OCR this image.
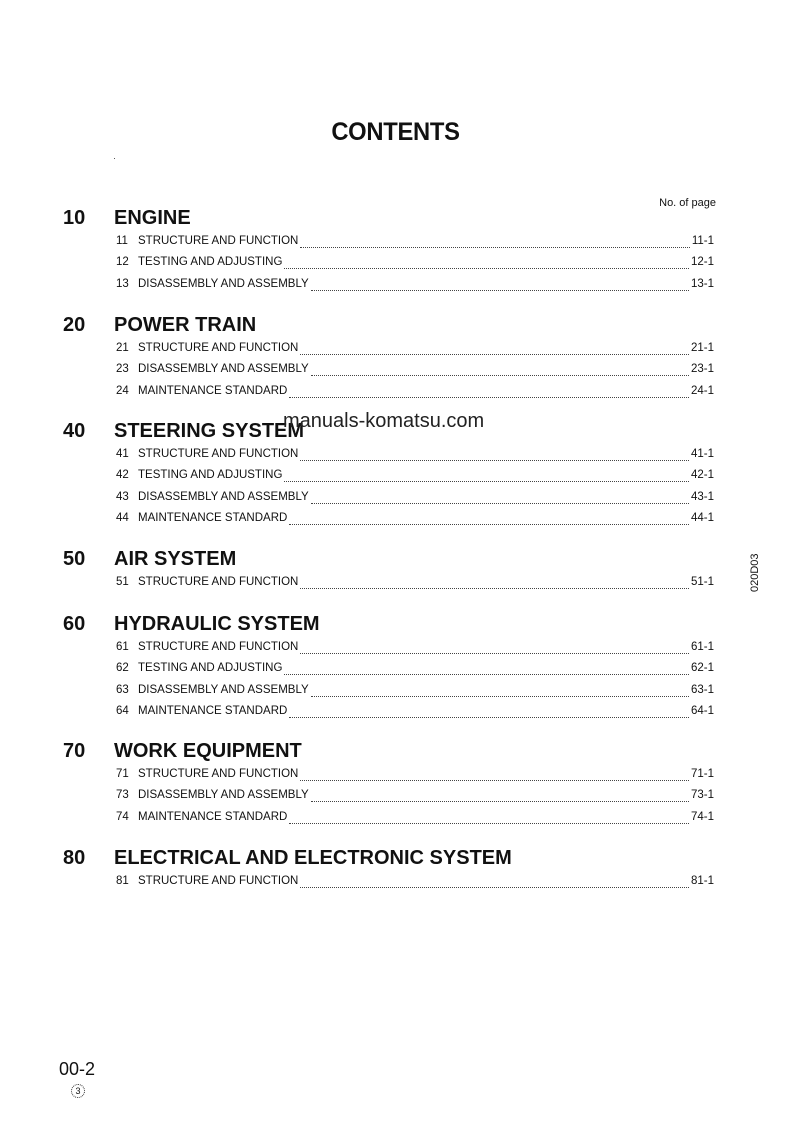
CONTENTS
No. of page
10 ENGINE
11 STRUCTURE AND FUNCTION	11-1
12 TESTING AND ADJUSTING	12-1
13 DISASSEMBLY AND ASSEMBLY	13-1
20 POWER TRAIN
21 STRUCTURE AND FUNCTION	21-1
23 DISASSEMBLY AND ASSEMBLY	23-1
24 MAINTENANCE STANDARD	24-1
40 STEERING SYSTEM
41 STRUCTURE AND FUNCTION	41-1
42 TESTING AND ADJUSTING	42-1
43 DISASSEMBLY AND ASSEMBLY	43-1
44 MAINTENANCE STANDARD	44-1
50 AIR SYSTEM
51 STRUCTURE AND FUNCTION	51-1
60 HYDRAULIC SYSTEM
61 STRUCTURE AND FUNCTION	61-1
62 TESTING AND ADJUSTING	62-1
63 DISASSEMBLY AND ASSEMBLY	63-1
64 MAINTENANCE STANDARD	64-1
70 WORK EQUIPMENT
71 STRUCTURE AND FUNCTION	71-1
73 DISASSEMBLY AND ASSEMBLY	73-1
74 MAINTENANCE STANDARD	74-1
80 ELECTRICAL AND ELECTRONIC SYSTEM
81 STRUCTURE AND FUNCTION	81-1
manuals-komatsu.com
020D03
00-2
3
